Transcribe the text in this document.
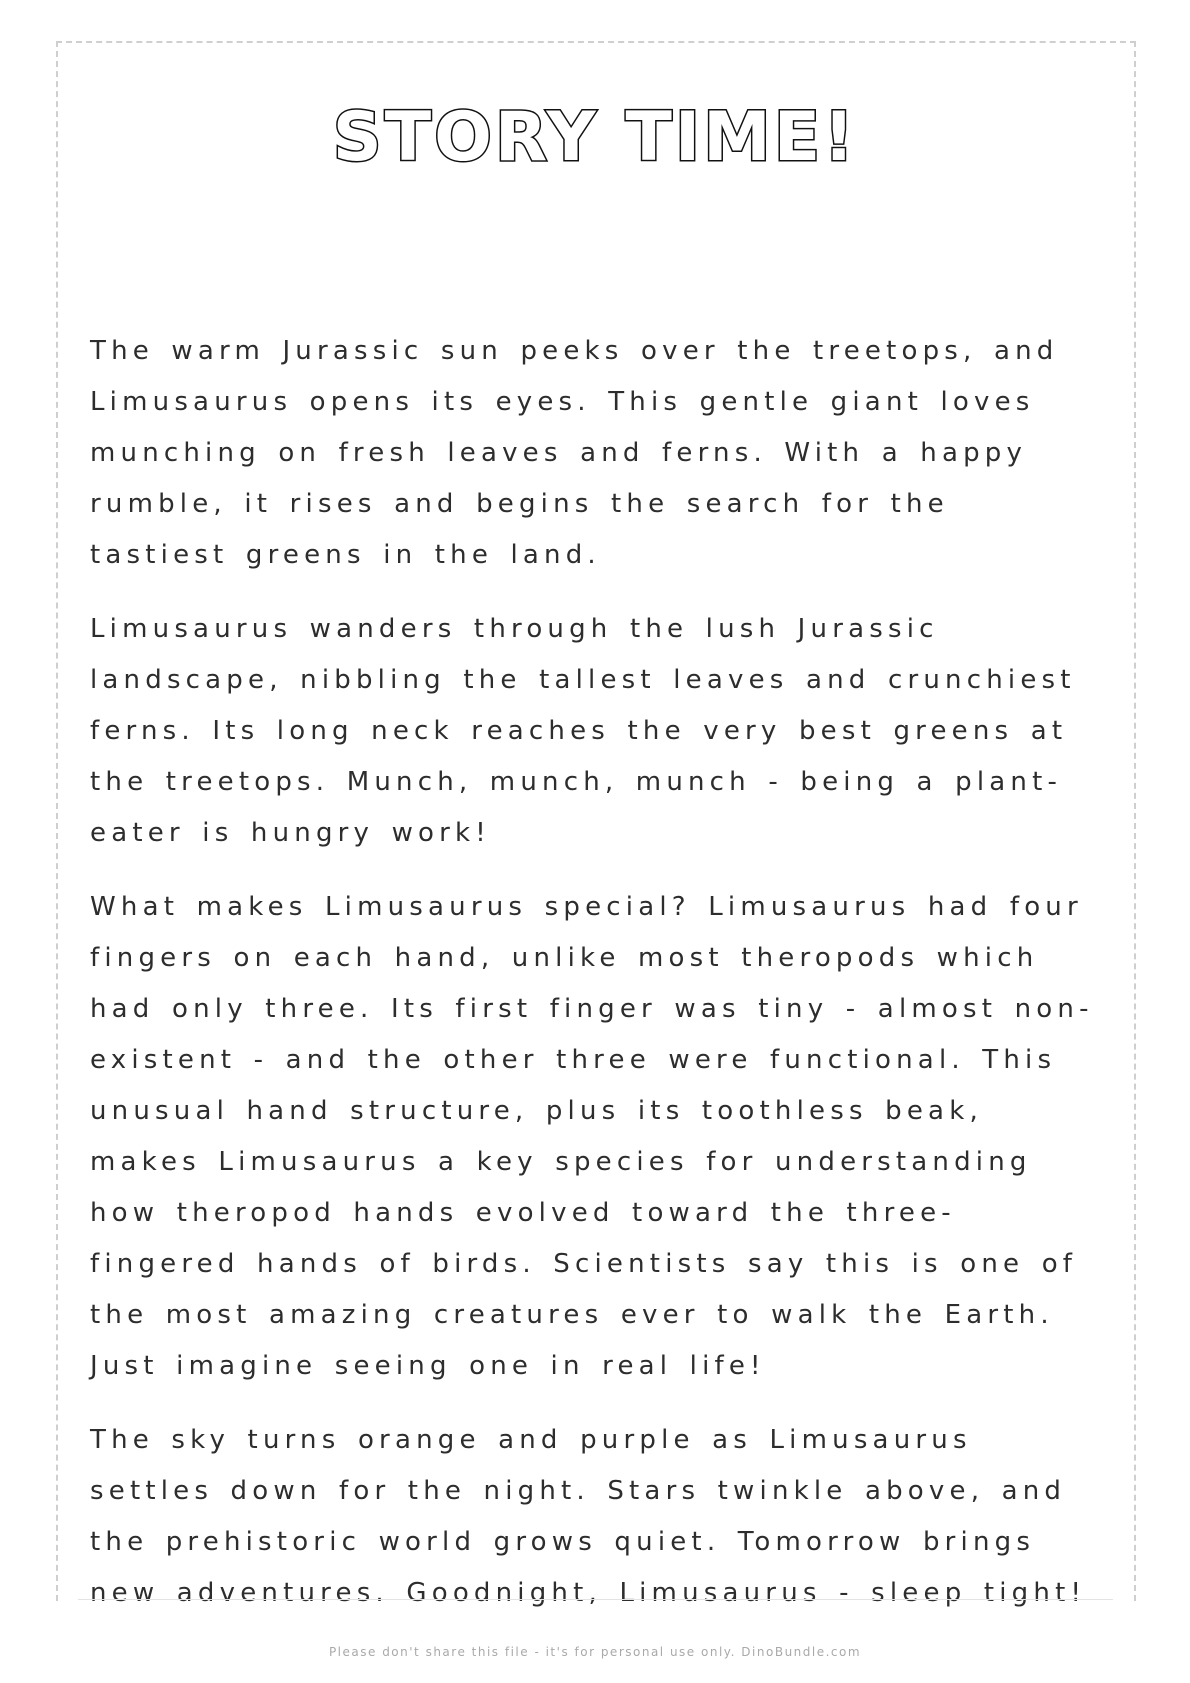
STORY TIME!

The warm Jurassic sun peeks over the treetops, and Limusaurus opens its eyes. This gentle giant loves munching on fresh leaves and ferns. With a happy rumble, it rises and begins the search for the tastiest greens in the land.

Limusaurus wanders through the lush Jurassic landscape, nibbling the tallest leaves and crunchiest ferns. Its long neck reaches the very best greens at the treetops. Munch, munch, munch - being a plant-eater is hungry work!

What makes Limusaurus special? Limusaurus had four fingers on each hand, unlike most theropods which had only three. Its first finger was tiny - almost non-existent - and the other three were functional. This unusual hand structure, plus its toothless beak, makes Limusaurus a key species for understanding how theropod hands evolved toward the three-fingered hands of birds. Scientists say this is one of the most amazing creatures ever to walk the Earth. Just imagine seeing one in real life!

The sky turns orange and purple as Limusaurus settles down for the night. Stars twinkle above, and the prehistoric world grows quiet. Tomorrow brings new adventures. Goodnight, Limusaurus - sleep tight!

Please don't share this file - it's for personal use only. DinoBundle.com
